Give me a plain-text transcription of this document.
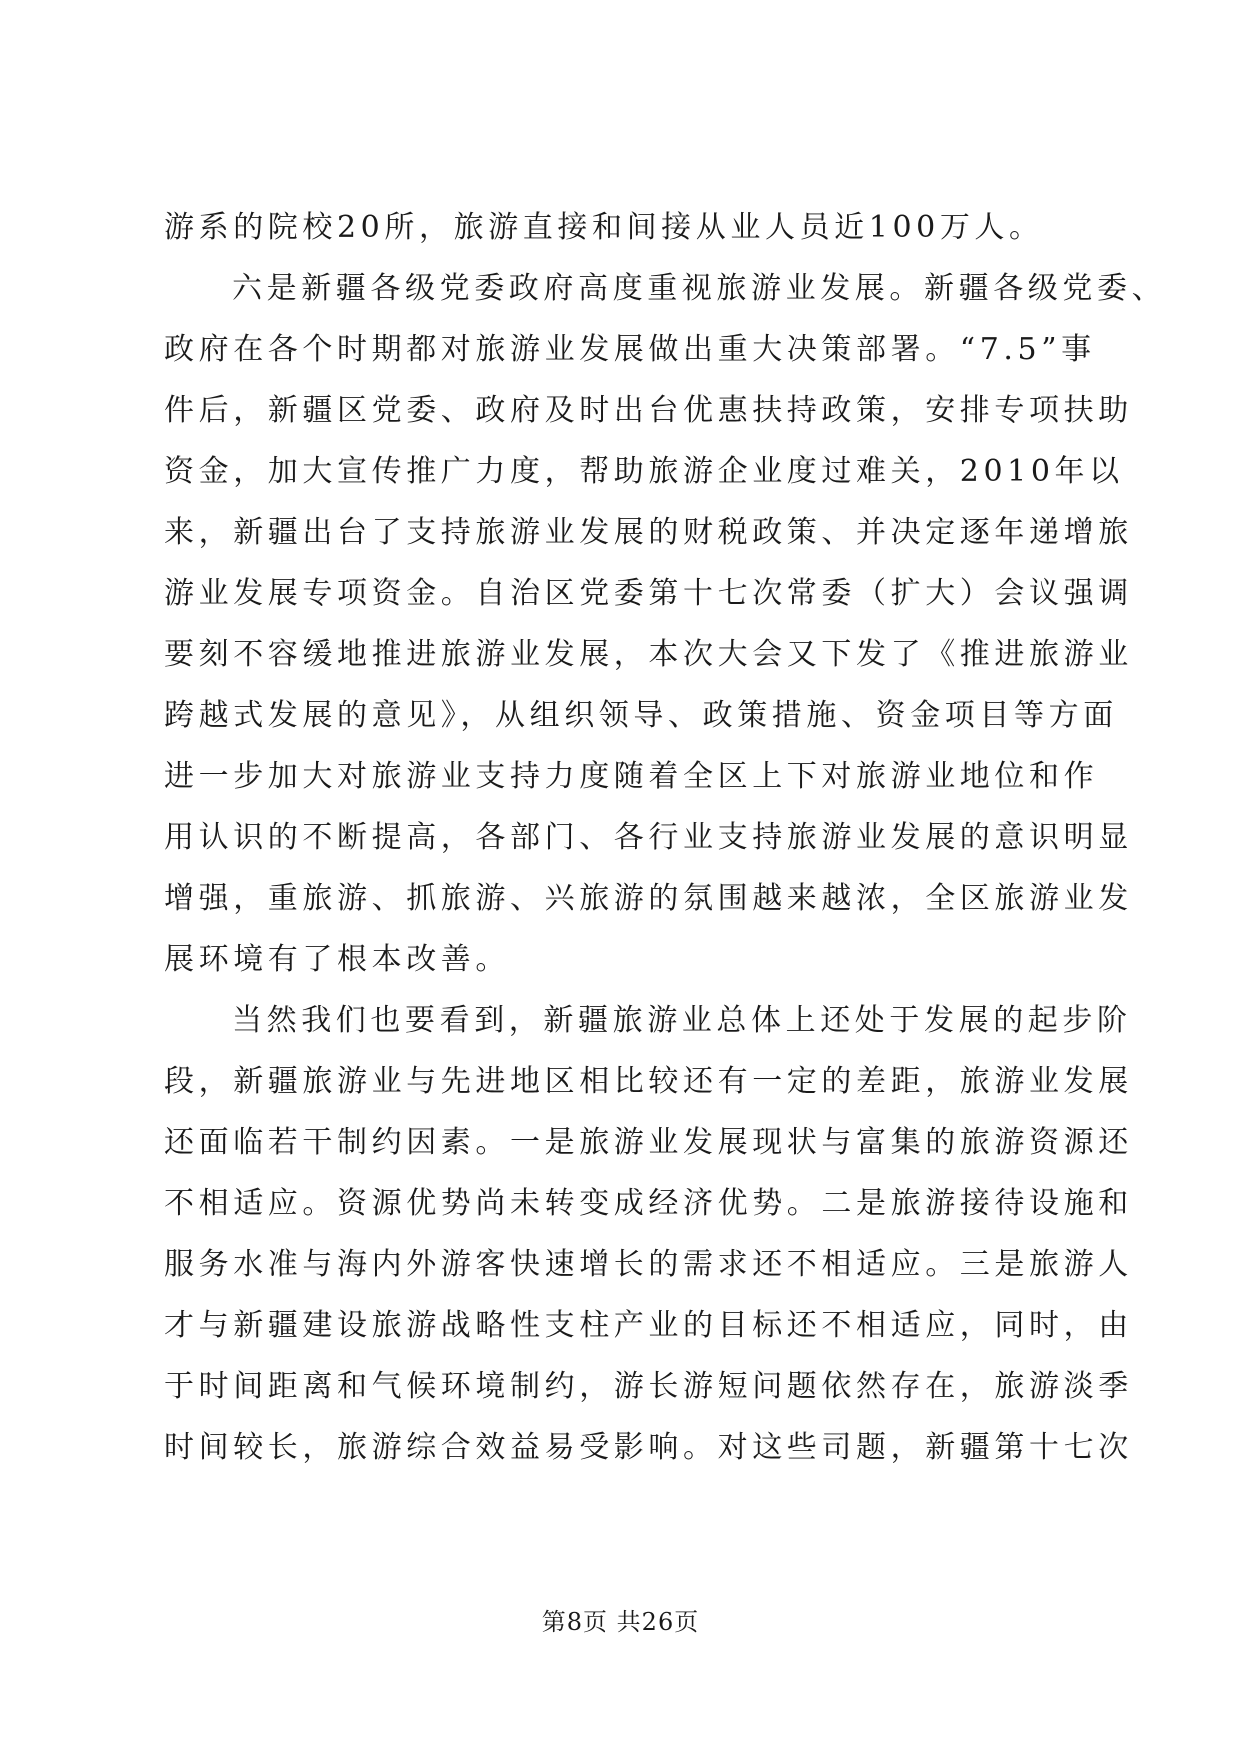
游系的院校20所，旅游直接和间接从业人员近100万人。
六是新疆各级党委政府高度重视旅游业发展。新疆各级党委、
政府在各个时期都对旅游业发展做出重大决策部署。“7.5”事
件后，新疆区党委、政府及时出台优惠扶持政策，安排专项扶助
资金，加大宣传推广力度，帮助旅游企业度过难关，2010年以
来，新疆出台了支持旅游业发展的财税政策、并决定逐年递增旅
游业发展专项资金。自治区党委第十七次常委（扩大）会议强调
要刻不容缓地推进旅游业发展，本次大会又下发了《推进旅游业
跨越式发展的意见》，从组织领导、政策措施、资金项目等方面
进一步加大对旅游业支持力度随着全区上下对旅游业地位和作
用认识的不断提高，各部门、各行业支持旅游业发展的意识明显
增强，重旅游、抓旅游、兴旅游的氛围越来越浓，全区旅游业发
展环境有了根本改善。
当然我们也要看到，新疆旅游业总体上还处于发展的起步阶
段，新疆旅游业与先进地区相比较还有一定的差距，旅游业发展
还面临若干制约因素。一是旅游业发展现状与富集的旅游资源还
不相适应。资源优势尚未转变成经济优势。二是旅游接待设施和
服务水准与海内外游客快速增长的需求还不相适应。三是旅游人
才与新疆建设旅游战略性支柱产业的目标还不相适应，同时，由
于时间距离和气候环境制约，游长游短问题依然存在，旅游淡季
时间较长，旅游综合效益易受影响。对这些司题，新疆第十七次
第8页 共26页
